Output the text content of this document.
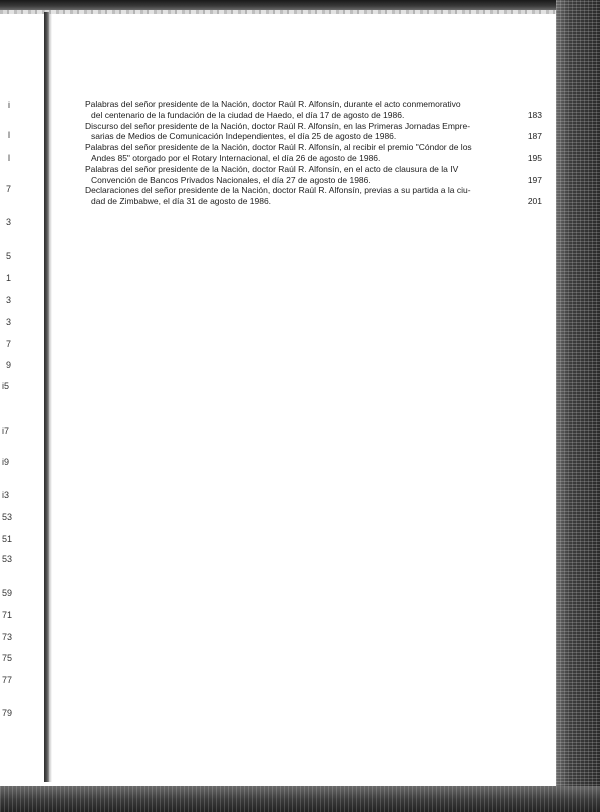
i
l
l
7
3
5
1
3
3
7
9
i5
i7
i9
i3
53
51
53
59
71
73
75
77
79
Palabras del señor presidente de la Nación, doctor Raúl R. Alfonsín, durante el acto conmemorativo
del centenario de la fundación de la ciudad de Haedo, el día 17 de agosto de 1986.	183
Discurso del señor presidente de la Nación, doctor Raúl R. Alfonsín, en las Primeras Jornadas Empre-
sarias de Medios de Comunicación Independientes, el día 25 de agosto de 1986.	187
Palabras del señor presidente de la Nación, doctor Raúl R. Alfonsín, al recibir el premio "Cóndor de los
Andes 85" otorgado por el Rotary Internacional, el día 26 de agosto de 1986.	195
Palabras del señor presidente de la Nación, doctor Raúl R. Alfonsín, en el acto de clausura de la IV
Convención de Bancos Privados Nacionales, el día 27 de agosto de 1986.	197
Declaraciones del señor presidente de la Nación, doctor Raúl R. Alfonsín, previas a su partida a la ciu-
dad de Zimbabwe, el día 31 de agosto de 1986.	201
